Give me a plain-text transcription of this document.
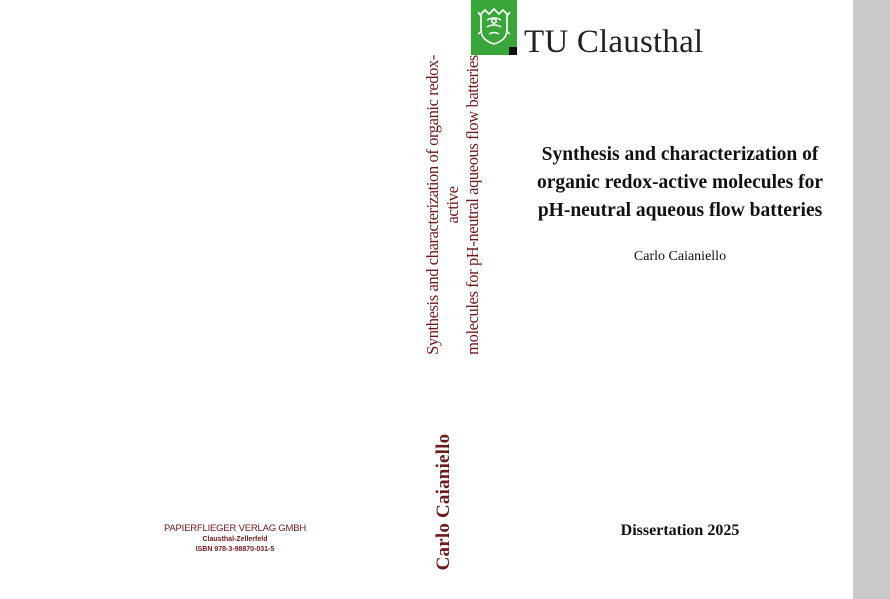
PAPIERFLIEGER VERLAG GMBH
Clausthal-Zellerfeld
ISBN 978-3-98870-031-5
Synthesis and characterization of organic redox-active molecules for pH-neutral aqueous flow batteries
Carlo Caianiello
TU Clausthal
Synthesis and characterization of
organic redox-active molecules for
pH-neutral aqueous flow batteries
Carlo Caianiello
Dissertation 2025
